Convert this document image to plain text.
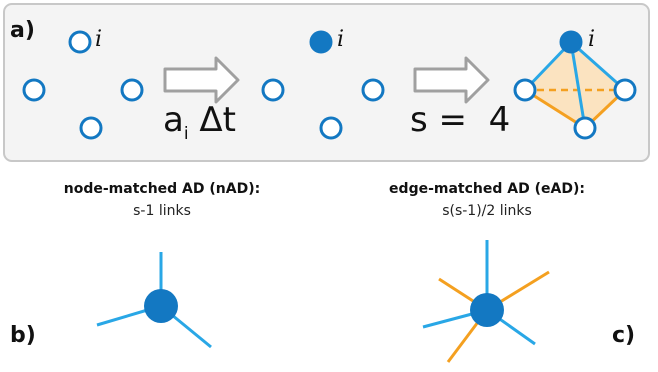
a)	i
$a_i$ Δt
i
s =  4
i
node-matched AD (nAD):
s-1 links
edge-matched AD (eAD):
s(s-1)/2 links
b)	c)
